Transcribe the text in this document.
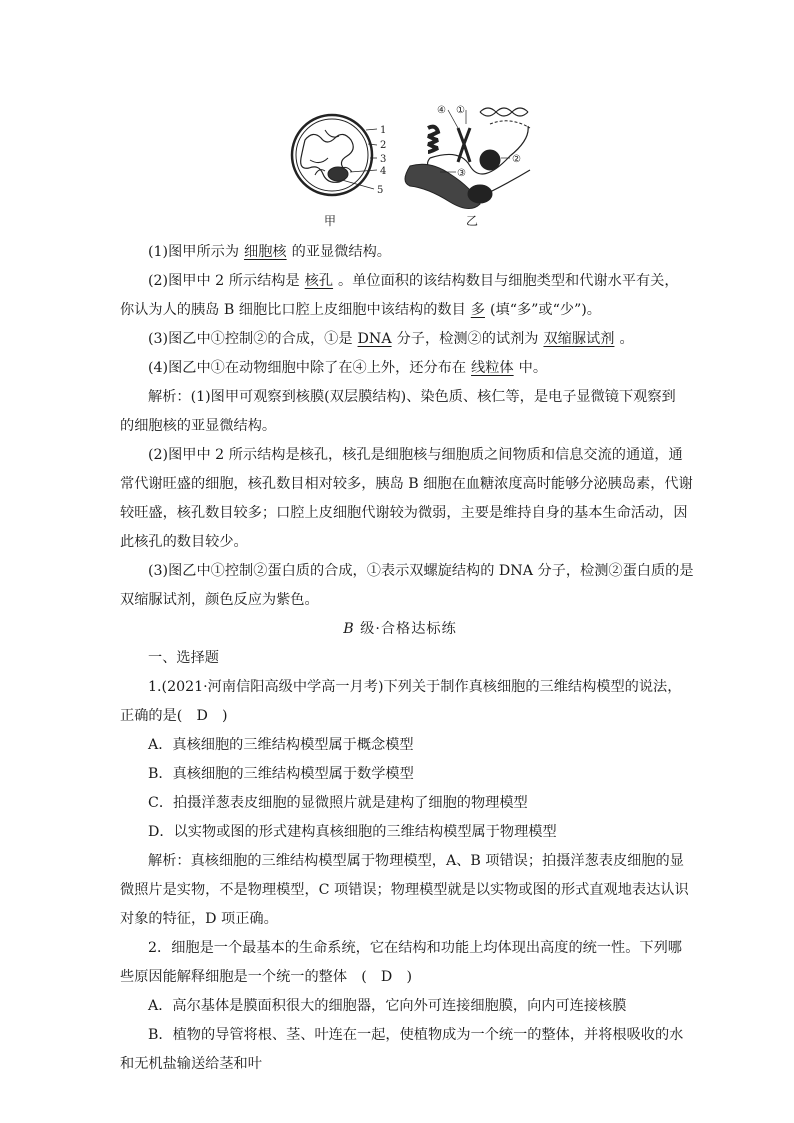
1
2
3
4
5
④ ①
②
③
甲	乙
(1)图甲所示为 细胞核 的亚显微结构。
(2)图甲中 2 所示结构是 核孔 。单位面积的该结构数目与细胞类型和代谢水平有关，
你认为人的胰岛 B 细胞比口腔上皮细胞中该结构的数目 多 (填“多”或“少”)。
(3)图乙中①控制②的合成，①是 DNA 分子，检测②的试剂为 双缩脲试剂 。
(4)图乙中①在动物细胞中除了在④上外，还分布在 线粒体 中。
解析：(1)图甲可观察到核膜(双层膜结构)、染色质、核仁等，是电子显微镜下观察到
的细胞核的亚显微结构。
(2)图甲中 2 所示结构是核孔，核孔是细胞核与细胞质之间物质和信息交流的通道，通
常代谢旺盛的细胞，核孔数目相对较多，胰岛 B 细胞在血糖浓度高时能够分泌胰岛素，代谢
较旺盛，核孔数目较多；口腔上皮细胞代谢较为微弱，主要是维持自身的基本生命活动，因
此核孔的数目较少。
(3)图乙中①控制②蛋白质的合成，①表示双螺旋结构的 DNA 分子，检测②蛋白质的是
双缩脲试剂，颜色反应为紫色。
B 级·合格达标练
一、选择题
1.(2021·河南信阳高级中学高一月考)下列关于制作真核细胞的三维结构模型的说法，
正确的是(　D　)
A．真核细胞的三维结构模型属于概念模型
B．真核细胞的三维结构模型属于数学模型
C．拍摄洋葱表皮细胞的显微照片就是建构了细胞的物理模型
D．以实物或图的形式建构真核细胞的三维结构模型属于物理模型
解析：真核细胞的三维结构模型属于物理模型，A、B 项错误；拍摄洋葱表皮细胞的显
微照片是实物，不是物理模型，C 项错误；物理模型就是以实物或图的形式直观地表达认识
对象的特征，D 项正确。
2．细胞是一个最基本的生命系统，它在结构和功能上均体现出高度的统一性。下列哪
些原因能解释细胞是一个统一的整体　(　D　)
A．高尔基体是膜面积很大的细胞器，它向外可连接细胞膜，向内可连接核膜
B．植物的导管将根、茎、叶连在一起，使植物成为一个统一的整体，并将根吸收的水
和无机盐输送给茎和叶
